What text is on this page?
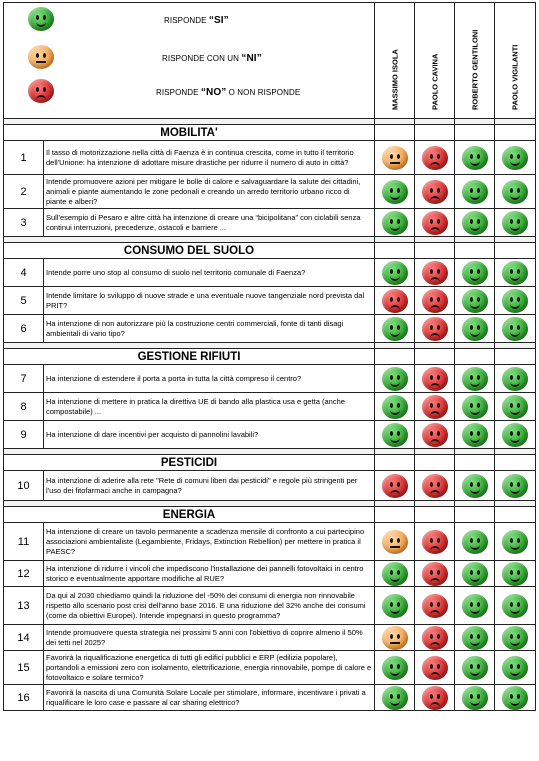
RISPONDE “SI”
RISPONDE CON UN “NI”
RISPONDE “NO” O NON RISPONDE		MASSIMO ISOLA	PAOLO CAVINA	ROBERTO GENTILONI	PAOLO VIGILANTI

MOBILITA'					
1	Il tasso di motorizzazione nella città di Faenza è in continua crescita, come in tutto il territorio dell'Unione: ha intenzione di adottare misure drastiche per ridurre il numero di auto in città?	

2	Intende promuovere azioni per mitigare le bolle di calore e salvaguardare la salute dei cittadini, animali e piante aumentando le zone pedonali e creando un arredo territorio urbano ricco di piante e alberi?	

3	Sull'esempio di Pesaro e altre città ha intenzione di creare una “bicipolitana” con ciclabili senza continui interruzioni, precedenze, ostacoli e barriere ...	

CONSUMO DEL SUOLO					
4	Intende porre uno stop al consumo di suolo nel territorio comunale di Faenza?	

5	Intende limitare lo sviluppo di nuove strade e una eventuale nuove tangenziale nord prevista dal PRIT?	

6	Ha intenzione di non autorizzare più la costruzione centri commerciali, fonte di tanti disagi ambientali di vario tipo?	

GESTIONE RIFIUTI					
7	Ha intenzione di estendere il porta a porta in tutta la città compreso il centro?	

8	Ha intenzione di mettere in pratica la direttiva UE di bando alla plastica usa e getta (anche compostabile) ...	

9	Ha intenzione di dare incentivi per acquisto di pannolini lavabili?	

PESTICIDI					
10	Ha intenzione di aderire alla rete "Rete di comuni liberi dai pesticidi" e regole più stringenti per l'uso dei fitofarmaci anche in campagna?	

ENERGIA					
11	Ha intenzione di creare un tavolo permanente a scadenza mensile di confronto a cui partecipino associazioni ambientaliste (Legambiente, Fridays, Extinction Rebellion) per mettere in pratica il PAESC?	

12	Ha intenzione di ridurre i vincoli che impediscono l'installazione dei pannelli fotovoltaici in centro storico e eventualmente apportare modifiche al RUE?	

13	Da qui al 2030 chiediamo quindi la riduzione del -50% dei consumi di energia non rinnovabile rispetto allo scenario post crisi dell'anno base 2016. E una riduzione del 32% anche dei consumi (come da obiettivi Europei). Intende impegnarsi in questo programma?	

14	Intende promuovere questa strategia nei prossimi 5 anni con l'obiettivo di coprire almeno il 50% dei tetti nel 2025?	

15	Favorirà la riqualificazione energetica di tutti gli edifici pubblici e ERP (edilizia popolare), portandoli a emissioni zero con isolamento, elettrificazione, energia rinnovabile, pompe di calore e fotovoltaico e solare termico?	

16	Favorirà la nascita di una Comunità Solare Locale per stimolare, informare, incentivare i privati a riqualificare le loro case e passare al car sharing elettrico?	
